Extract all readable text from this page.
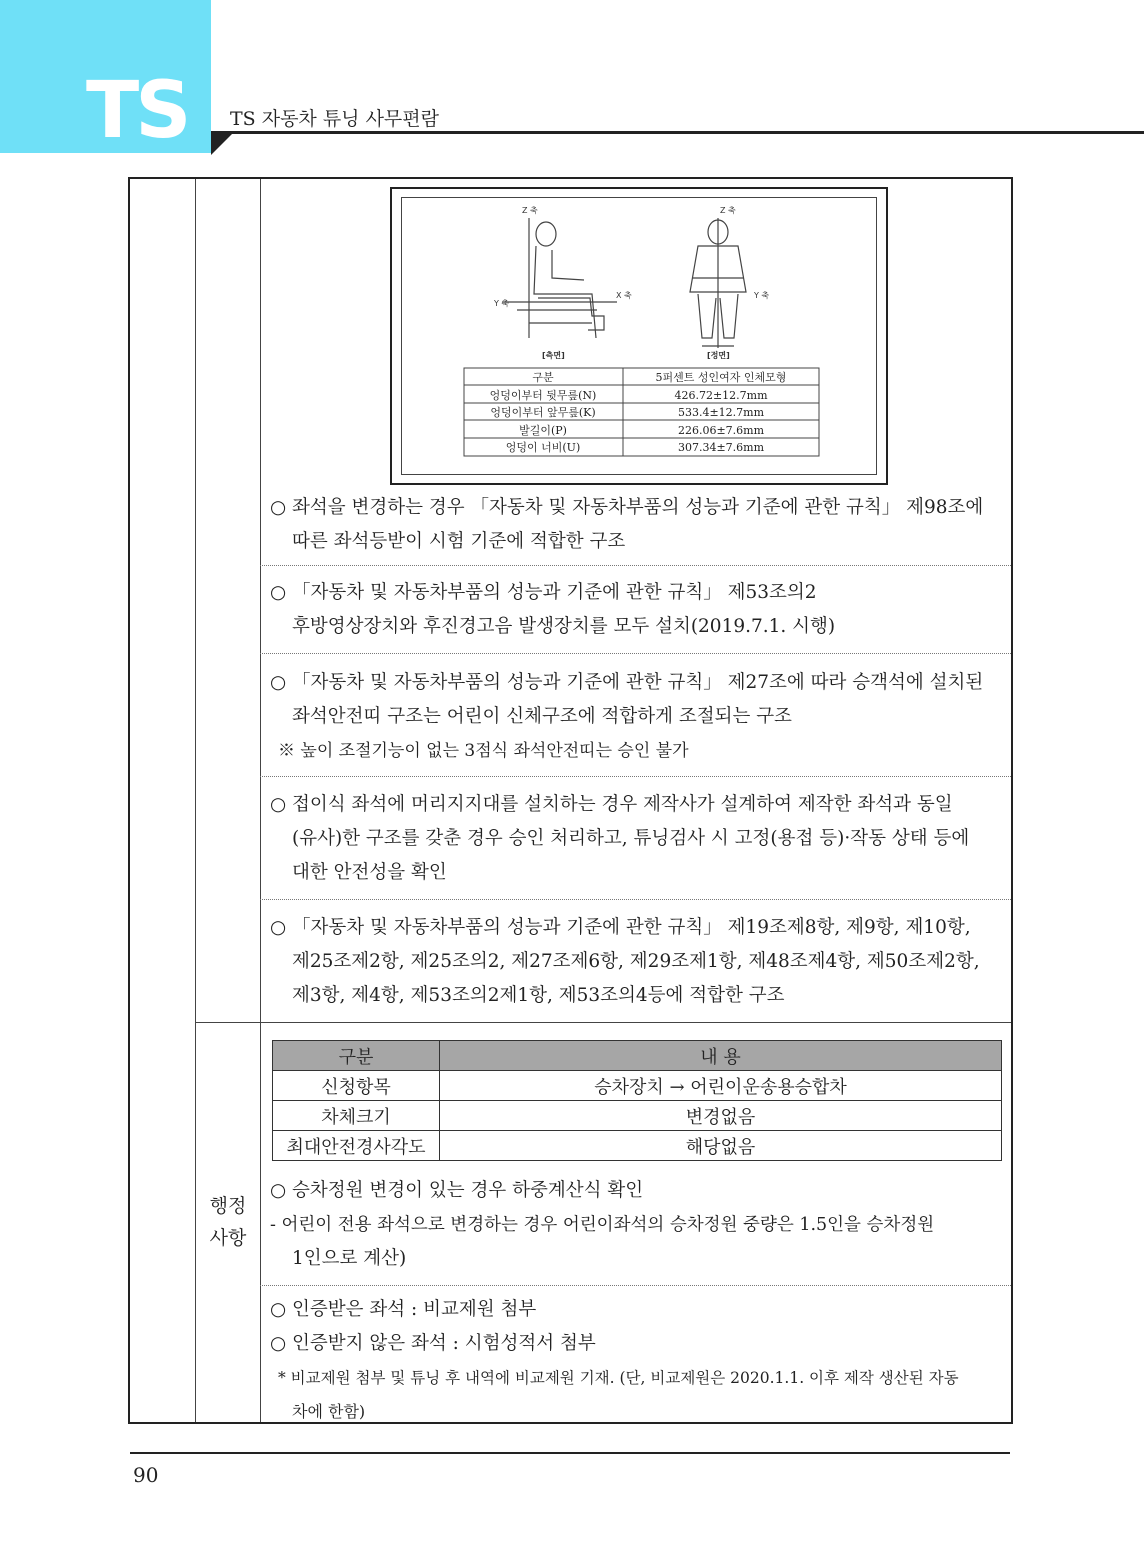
TS TS 자동차 튜닝 사무편람
Z 축	Z 축
X 축
Y 축
Y 축
[측면]	[정면]
구분	5퍼센트 성인여자 인체모형
엉덩이부터 뒷무릎(N)	426.72±12.7mm
엉덩이부터 앞무릎(K)	533.4±12.7mm
발길이(P)	226.06±7.6mm
엉덩이 너비(U)	307.34±7.6mm
○ 좌석을 변경하는 경우 「자동차 및 자동차부품의 성능과 기준에 관한 규칙」 제98조에
따른 좌석등받이 시험 기준에 적합한 구조
○ 「자동차 및 자동차부품의 성능과 기준에 관한 규칙」 제53조의2
후방영상장치와 후진경고음 발생장치를 모두 설치(2019.7.1. 시행)
○ 「자동차 및 자동차부품의 성능과 기준에 관한 규칙」 제27조에 따라 승객석에 설치된
좌석안전띠 구조는 어린이 신체구조에 적합하게 조절되는 구조
※ 높이 조절기능이 없는 3점식 좌석안전띠는 승인 불가
○ 접이식 좌석에 머리지지대를 설치하는 경우 제작사가 설계하여 제작한 좌석과 동일
(유사)한 구조를 갖춘 경우 승인 처리하고, 튜닝검사 시 고정(용접 등)·작동 상태 등에
대한 안전성을 확인
○ 「자동차 및 자동차부품의 성능과 기준에 관한 규칙」 제19조제8항, 제9항, 제10항,
제25조제2항, 제25조의2, 제27조제6항, 제29조제1항, 제48조제4항, 제50조제2항,
제3항, 제4항, 제53조의2제1항, 제53조의4등에 적합한 구조
행정
사항
구분	내 용
신청항목	승차장치 → 어린이운송용승합차
차체크기	변경없음
최대안전경사각도	해당없음
○ 승차정원 변경이 있는 경우 하중계산식 확인
- 어린이 전용 좌석으로 변경하는 경우 어린이좌석의 승차정원 중량은 1.5인을 승차정원
1인으로 계산)
○ 인증받은 좌석 : 비교제원 첨부
○ 인증받지 않은 좌석 : 시험성적서 첨부
* 비교제원 첨부 및 튜닝 후 내역에 비교제원 기재. (단, 비교제원은 2020.1.1. 이후 제작 생산된 자동
차에 한함)
90
